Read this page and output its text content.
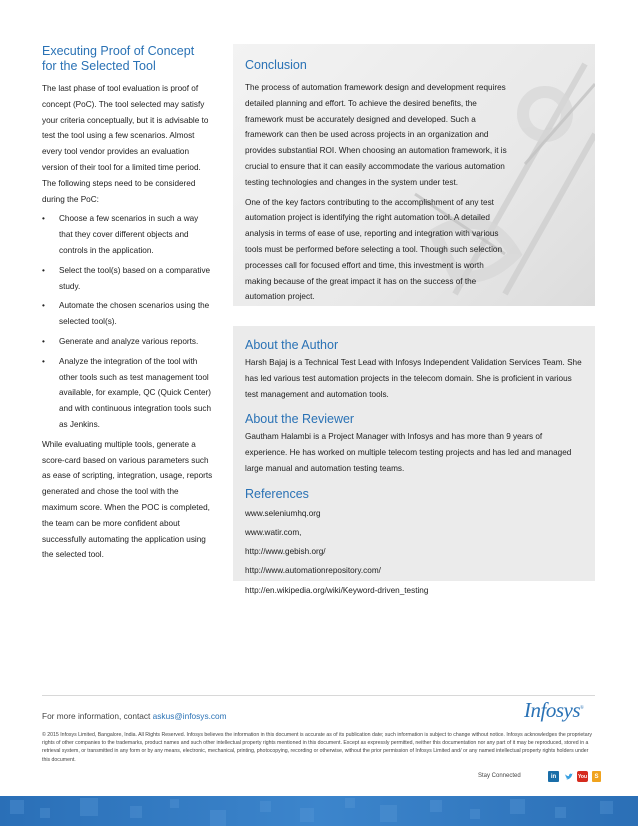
Executing Proof of Concept
for the Selected Tool

The last phase of tool evaluation is proof of concept (PoC). The tool selected may satisfy your criteria conceptually, but it is advisable to test the tool using a few scenarios. Almost every tool vendor provides an evaluation version of their tool for a limited time period. The following steps need to be considered during the PoC:

• Choose a few scenarios in such a way that they cover different objects and controls in the application.
• Select the tool(s) based on a comparative study.
• Automate the chosen scenarios using the selected tool(s).
• Generate and analyze various reports.
• Analyze the integration of the tool with other tools such as test management tool available, for example, QC (Quick Center) and with continuous integration tools such as Jenkins.

While evaluating multiple tools, generate a score-card based on various parameters such as ease of scripting, integration, usage, reports generated and chose the tool with the maximum score. When the POC is completed, the team can be more confident about successfully automating the application using the selected tool.

Conclusion

The process of automation framework design and development requires detailed planning and effort. To achieve the desired benefits, the framework must be accurately designed and developed. Such a framework can then be used across projects in an organization and provides substantial ROI. When choosing an automation framework, it is crucial to ensure that it can easily accommodate the various automation testing technologies and changes in the system under test.

One of the key factors contributing to the accomplishment of any test automation project is identifying the right automation tool. A detailed analysis in terms of ease of use, reporting and integration with various tools must be performed before selecting a tool. Though such selection processes call for focused effort and time, this investment is worth making because of the great impact it has on the success of the automation project.

About the Author

Harsh Bajaj is a Technical Test Lead with Infosys Independent Validation Services Team. She has led various test automation projects in the telecom domain. She is proficient in various test management and automation tools.

About the Reviewer

Gautham Halambi is a Project Manager with Infosys and has more than 9 years of experience. He has worked on multiple telecom testing projects and has led and managed large manual and automation testing teams.

References
www.seleniumhq.org
www.watir.com,
http://www.gebish.org/
http://www.automationrepository.com/
http://en.wikipedia.org/wiki/Keyword-driven_testing
For more information, contact askus@infosys.com	Infosys®

© 2015 Infosys Limited, Bangalore, India. All Rights Reserved. Infosys believes the information in this document is accurate as of its publication date; such information is subject to change without notice. Infosys acknowledges the proprietary rights of other companies to the trademarks, product names and such other intellectual property rights mentioned in this document. Except as expressly permitted, neither this documentation nor any part of it may be reproduced, stored in a retrieval system, or transmitted in any form or by any means, electronic, mechanical, printing, photocopying, recording or otherwise, without the prior permission of Infosys Limited and/ or any named intellectual property rights holders under this document.

Stay Connected	in	You S
